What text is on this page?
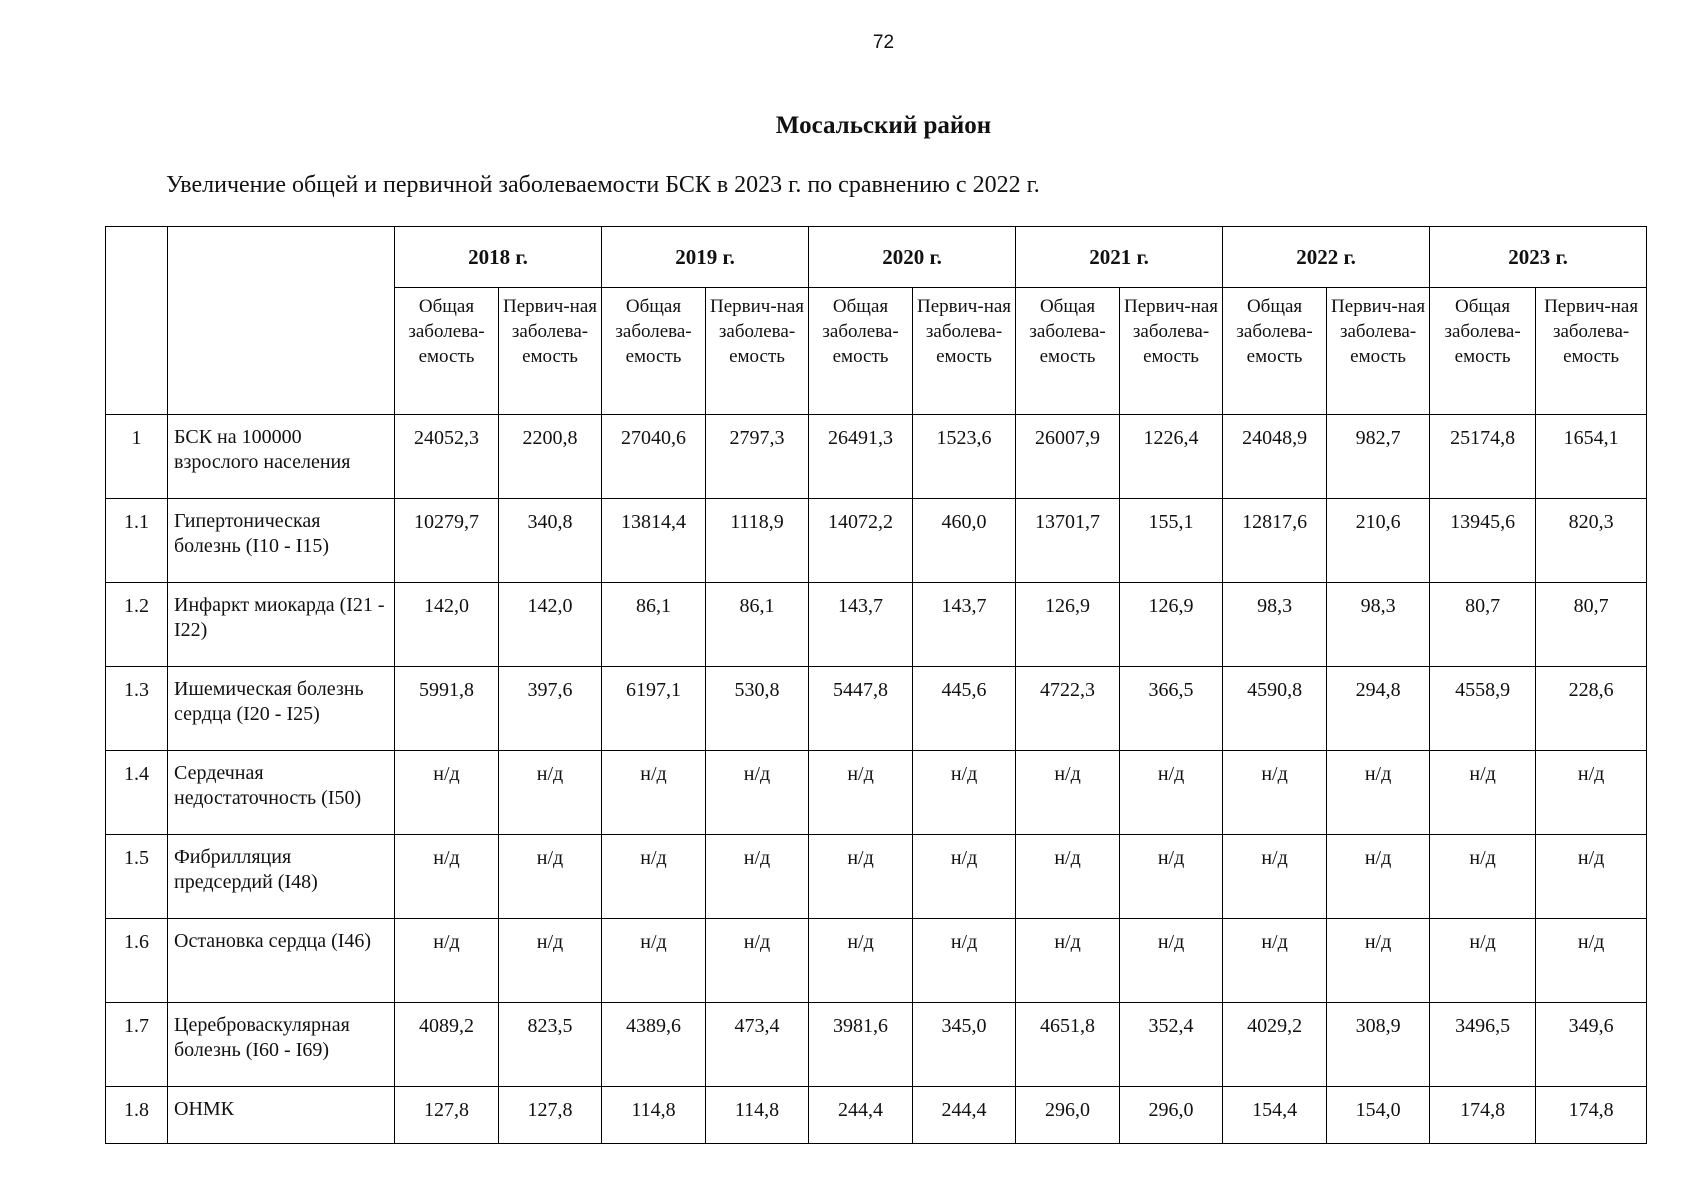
72
Мосальский район
Увеличение общей и первичной заболеваемости БСК в 2023 г. по сравнению с 2022 г.
		2018 г.		2019 г.		2020 г.		2021 г.		2022 г.		2023 г.	
		Общая заболева-емость	Первич-ная заболева-емость	Общая заболева-емость	Первич-ная заболева-емость	Общая заболева-емость	Первич-ная заболева-емость	Общая заболева-емость	Первич-ная заболева-емость	Общая заболева-емость	Первич-ная заболева-емость	Общая заболева-емость	Первич-ная заболева-емость
1	БСК на 100000 взрослого населения	24052,3	2200,8	27040,6	2797,3	26491,3	1523,6	26007,9	1226,4	24048,9	982,7	25174,8	1654,1
1.1	Гипертоническая болезнь (I10 - I15)	10279,7	340,8	13814,4	1118,9	14072,2	460,0	13701,7	155,1	12817,6	210,6	13945,6	820,3
1.2	Инфаркт миокарда (I21 - I22)	142,0	142,0	86,1	86,1	143,7	143,7	126,9	126,9	98,3	98,3	80,7	80,7
1.3	Ишемическая болезнь сердца (I20 - I25)	5991,8	397,6	6197,1	530,8	5447,8	445,6	4722,3	366,5	4590,8	294,8	4558,9	228,6
1.4	Сердечная недостаточность (I50)	н/д	н/д	н/д	н/д	н/д	н/д	н/д	н/д	н/д	н/д	н/д	н/д
1.5	Фибрилляция предсердий (I48)	н/д	н/д	н/д	н/д	н/д	н/д	н/д	н/д	н/д	н/д	н/д	н/д
1.6	Остановка сердца (I46)	н/д	н/д	н/д	н/д	н/д	н/д	н/д	н/д	н/д	н/д	н/д	н/д
1.7	Цереброваскулярная болезнь (I60 - I69)	4089,2	823,5	4389,6	473,4	3981,6	345,0	4651,8	352,4	4029,2	308,9	3496,5	349,6
1.8	ОНМК	127,8	127,8	114,8	114,8	244,4	244,4	296,0	296,0	154,4	154,0	174,8	174,8
